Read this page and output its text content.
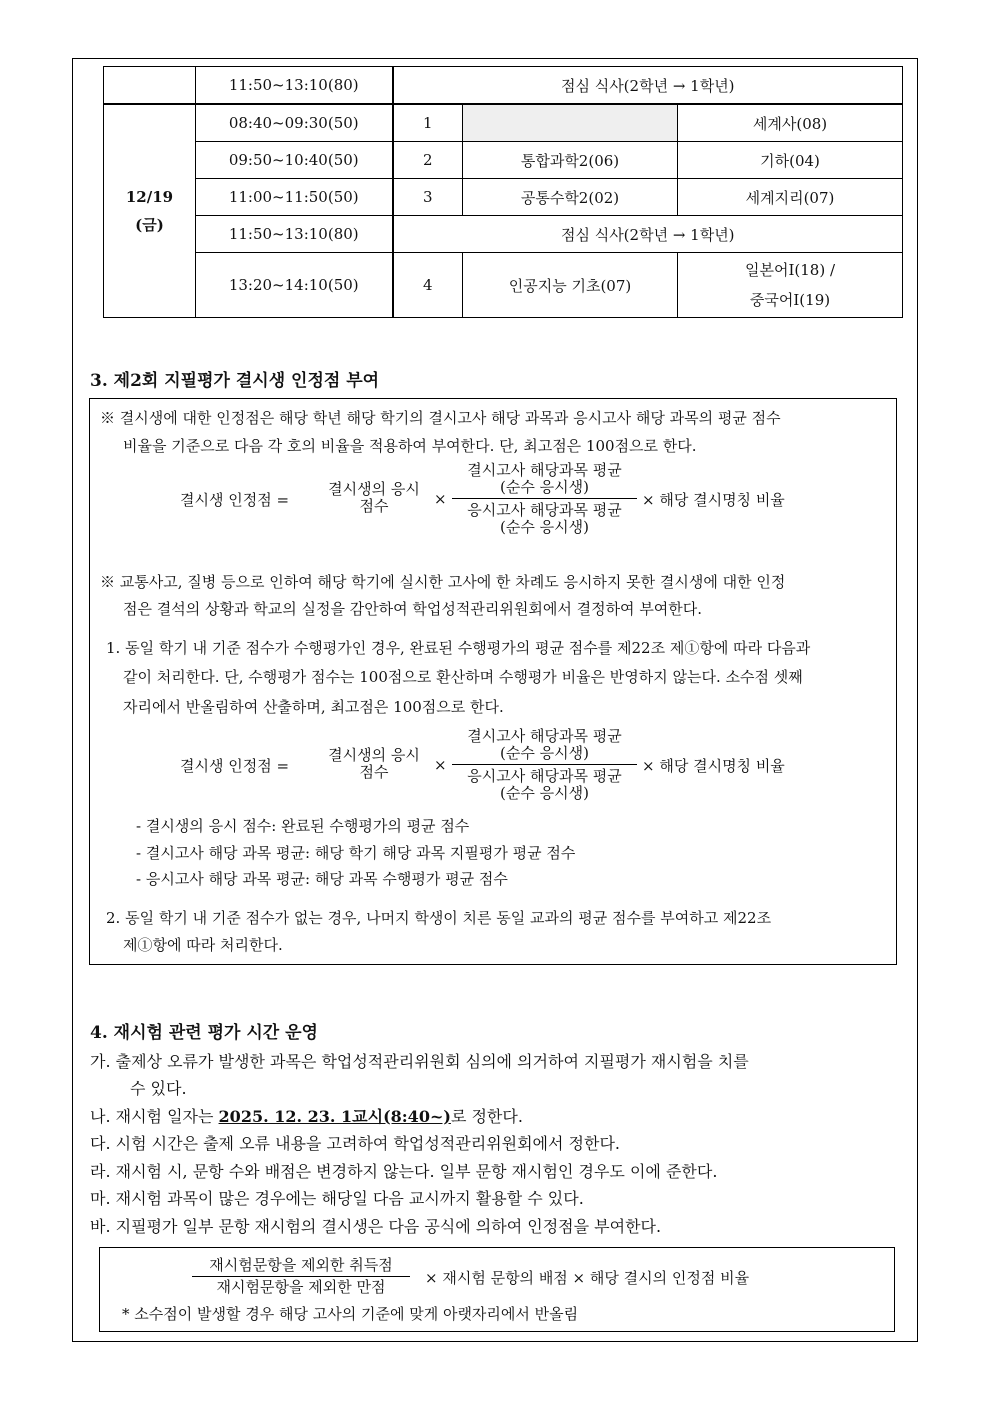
	11:50~13:10(80)	점심 식사(2학년 → 1학년)		

12/19
(금)	08:40~09:30(50)	1		세계사(08)
	09:50~10:40(50)	2	통합과학2(06)	기하(04)
	11:00~11:50(50)	3	공통수학2(02)	세계지리(07)
	11:50~13:10(80)	점심 식사(2학년 → 1학년)		
	13:20~14:10(50)	4	인공지능 기초(07)	일본어Ⅰ(18) /
중국어Ⅰ(19)
3. 제2회 지필평가 결시생 인정점 부여
※ 결시생에 대한 인정점은 해당 학년 해당 학기의 결시고사 해당 과목과 응시고사 해당 과목의 평균 점수
비율을 기준으로 다음 각 호의 비율을 적용하여 부여한다. 단, 최고점은 100점으로 한다.
결시생 인정점 =
결시생의 응시
점수	×
결시고사 해당과목 평균
(순수 응시생)
응시고사 해당과목 평균
(순수 응시생)
× 해당 결시명칭 비율
※ 교통사고, 질병 등으로 인하여 해당 학기에 실시한 고사에 한 차례도 응시하지 못한 결시생에 대한 인정
점은 결석의 상황과 학교의 실정을 감안하여 학업성적관리위원회에서 결정하여 부여한다.
1. 동일 학기 내 기준 점수가 수행평가인 경우, 완료된 수행평가의 평균 점수를 제22조 제①항에 따라 다음과
같이 처리한다. 단, 수행평가 점수는 100점으로 환산하며 수행평가 비율은 반영하지 않는다. 소수점 셋째
자리에서 반올림하여 산출하며, 최고점은 100점으로 한다.
결시생 인정점 =
결시생의 응시
점수	×
결시고사 해당과목 평균
(순수 응시생)
응시고사 해당과목 평균
(순수 응시생)
× 해당 결시명칭 비율
- 결시생의 응시 점수: 완료된 수행평가의 평균 점수
- 결시고사 해당 과목 평균: 해당 학기 해당 과목 지필평가 평균 점수
- 응시고사 해당 과목 평균: 해당 과목 수행평가 평균 점수
2. 동일 학기 내 기준 점수가 없는 경우, 나머지 학생이 치른 동일 교과의 평균 점수를 부여하고 제22조
제①항에 따라 처리한다.
4. 재시험 관련 평가 시간 운영
가. 출제상 오류가 발생한 과목은 학업성적관리위원회 심의에 의거하여 지필평가 재시험을 치를
수 있다.
나. 재시험 일자는 2025. 12. 23. 1교시(8:40~)로 정한다.
다. 시험 시간은 출제 오류 내용을 고려하여 학업성적관리위원회에서 정한다.
라. 재시험 시, 문항 수와 배점은 변경하지 않는다. 일부 문항 재시험인 경우도 이에 준한다.
마. 재시험 과목이 많은 경우에는 해당일 다음 교시까지 활용할 수 있다.
바. 지필평가 일부 문항 재시험의 결시생은 다음 공식에 의하여 인정점을 부여한다.
재시험문항을 제외한 취득점
재시험문항을 제외한 만점	× 재시험 문항의 배점 × 해당 결시의 인정점 비율
* 소수점이 발생할 경우 해당 고사의 기준에 맞게 아랫자리에서 반올림
